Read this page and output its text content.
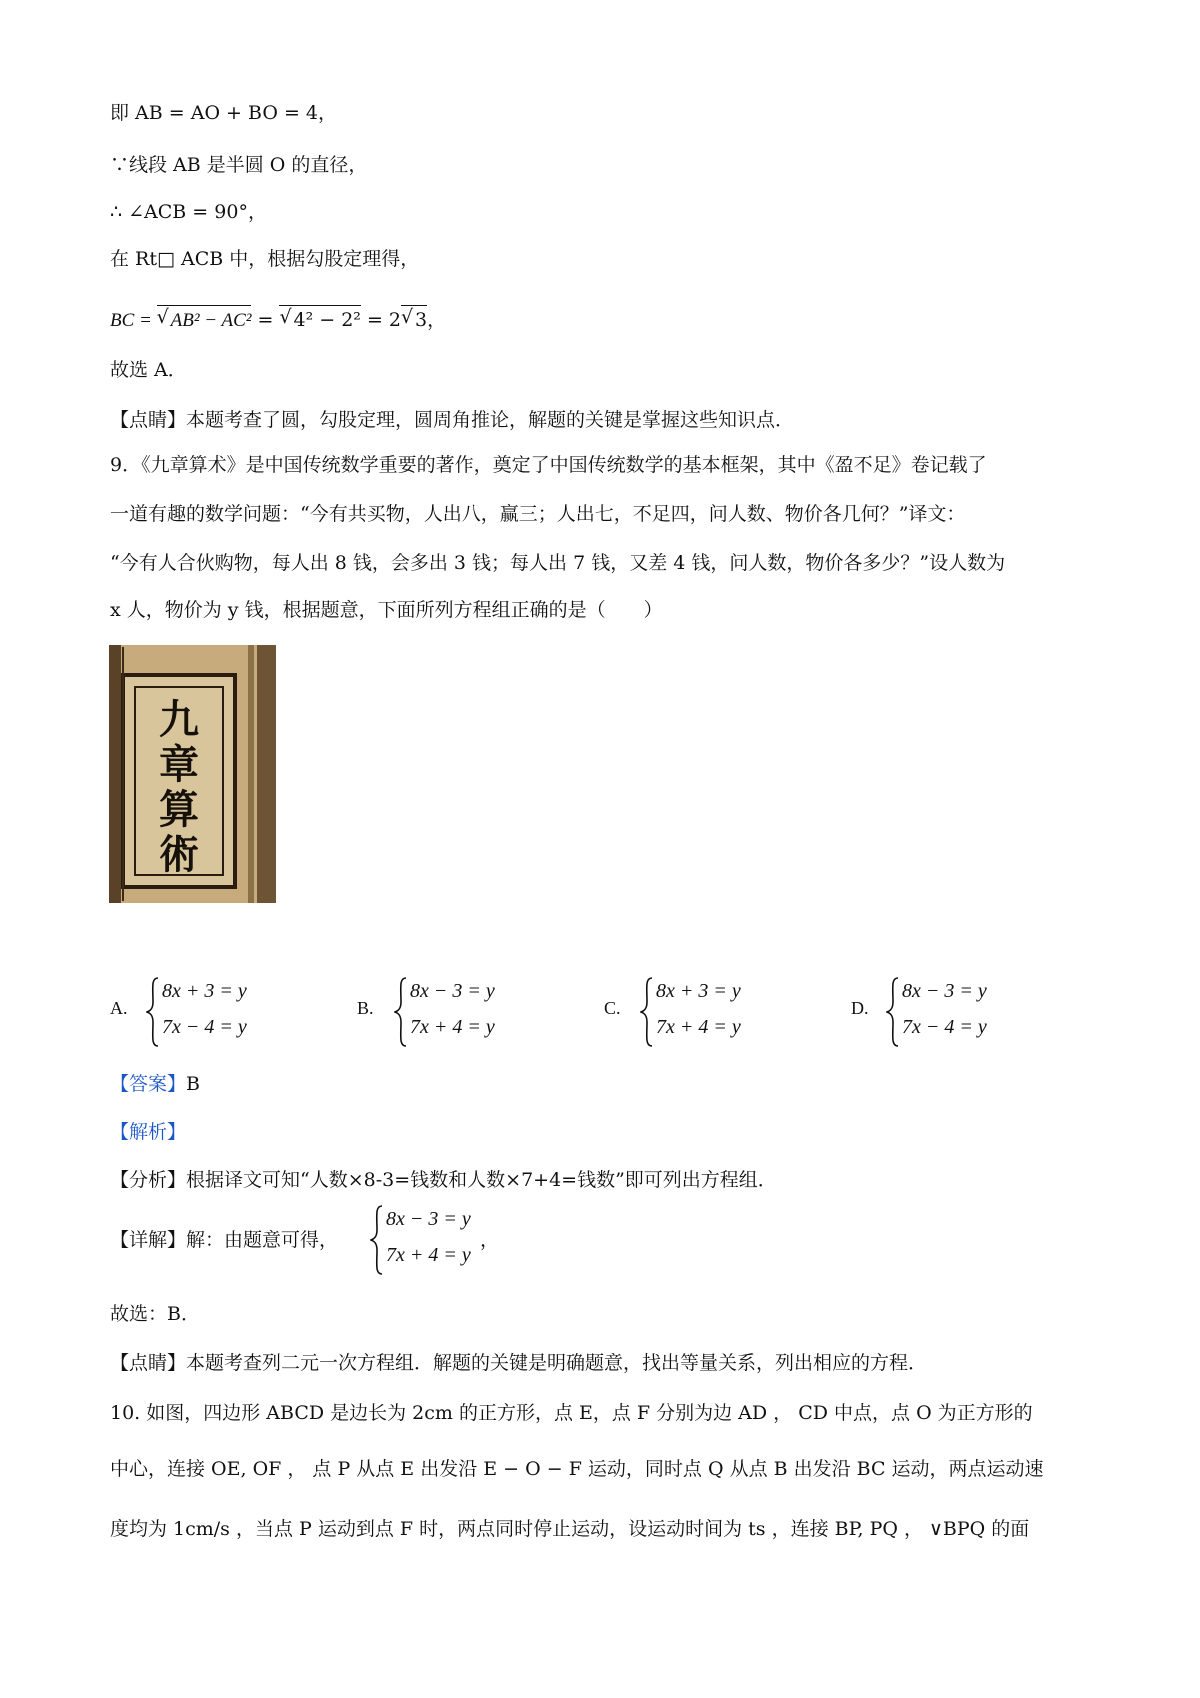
即 AB = AO + BO = 4，
∵线段 AB 是半圆 O 的直径，
∴ ∠ACB = 90°，
在 Rt□ ACB 中，根据勾股定理得，
BC = √ AB² − AC² = √ 4² − 2² = 2 √ 3，
故选 A．
【点睛】本题考查了圆，勾股定理，圆周角推论，解题的关键是掌握这些知识点．
9．《九章算术》是中国传统数学重要的著作，奠定了中国传统数学的基本框架，其中《盈不足》卷记载了
一道有趣的数学问题：“今有共买物，人出八，赢三；人出七，不足四，问人数、物价各几何？”译文：
“今有人合伙购物，每人出 8 钱，会多出 3 钱；每人出 7 钱，又差 4 钱，问人数，物价各多少？”设人数为
x 人，物价为 y 钱，根据题意，下面所列方程组正确的是（　　）
九
章
算
術
A.
8x + 3 = y
7x − 4 = y
B.
8x − 3 = y
7x + 4 = y
C.
8x + 3 = y
7x + 4 = y
D.
8x − 3 = y
7x − 4 = y
【答案】B
【解析】
【分析】根据译文可知“人数×8-3=钱数和人数×7+4=钱数”即可列出方程组．
【详解】解：由题意可得，
8x − 3 = y
7x + 4 = y
，
故选：B．
【点睛】本题考查列二元一次方程组．解题的关键是明确题意，找出等量关系，列出相应的方程．
10. 如图，四边形 ABCD 是边长为 2cm 的正方形，点 E，点 F 分别为边 AD ， CD 中点，点 O 为正方形的
中心，连接 OE, OF ， 点 P 从点 E 出发沿 E − O − F 运动，同时点 Q 从点 B 出发沿 BC 运动，两点运动速
度均为 1cm/s ，当点 P 运动到点 F 时，两点同时停止运动，设运动时间为 ts ，连接 BP, PQ ， ∨BPQ 的面
